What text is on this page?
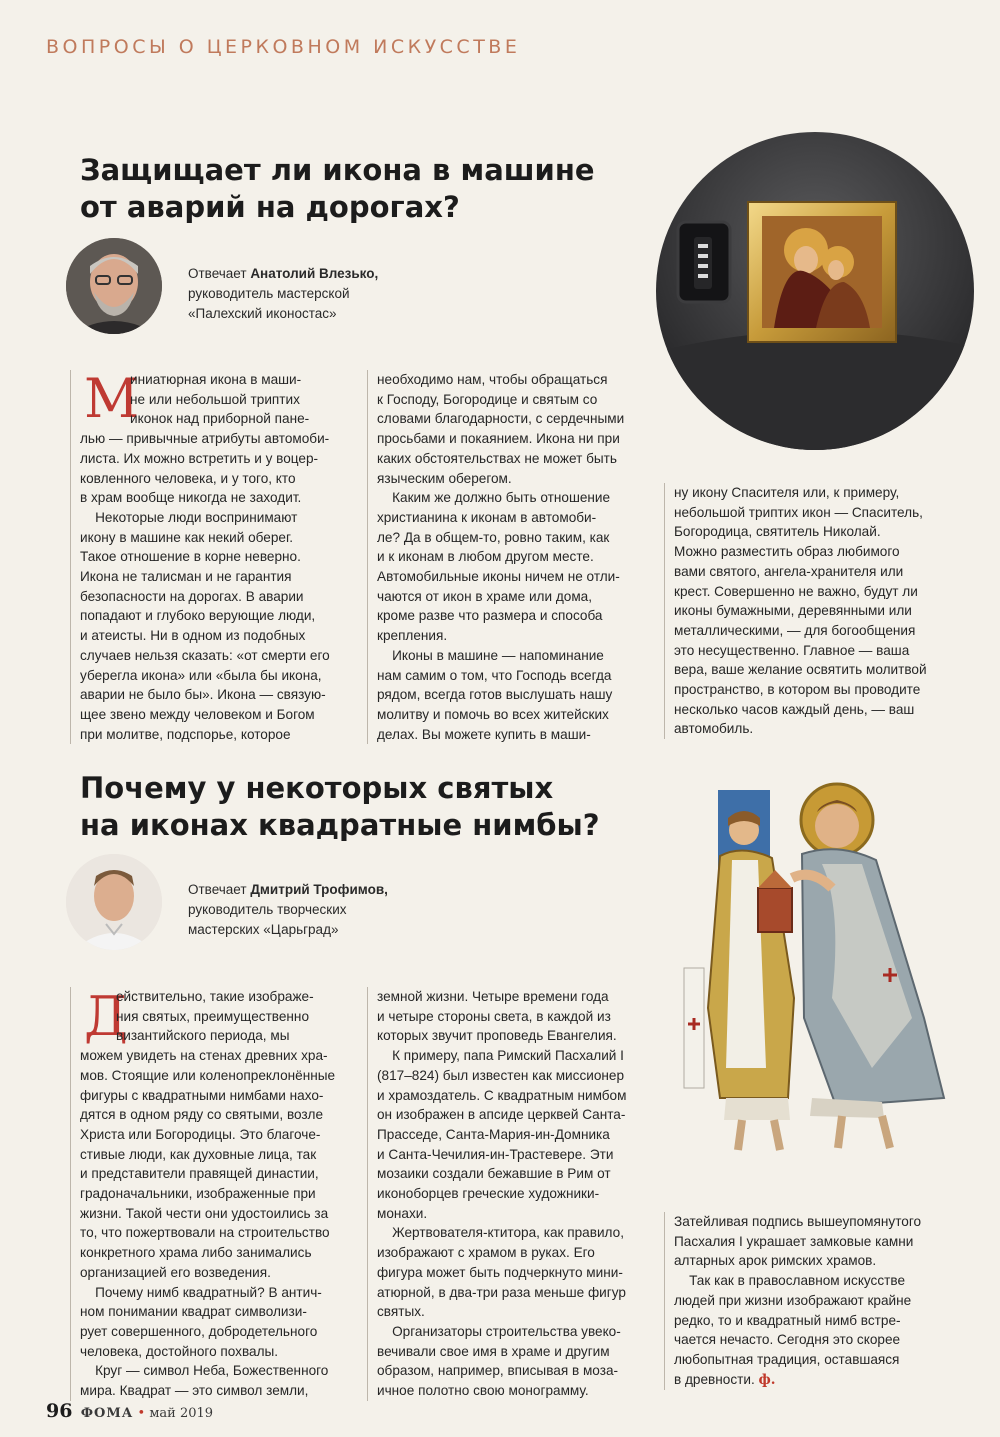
ВОПРОСЫ О ЦЕРКОВНОМ ИСКУССТВЕ
Защищает ли икона в машине
от аварий на дорогах?
Отвечает Анатолий Влезько,
руководитель мастерской
«Палехский иконостас»
М
иниатюрная икона в маши-
не или небольшой триптих
иконок над приборной пане-
лью — привычные атрибуты автомоби-
листа. Их можно встретить и у воцер-
ковленного человека, и у того, кто
в храм вообще никогда не заходит.
Некоторые люди воспринимают
икону в машине как некий оберег.
Такое отношение в корне неверно.
Икона не талисман и не гарантия
безопасности на дорогах. В аварии
попадают и глубоко верующие люди,
и атеисты. Ни в одном из подобных
случаев нельзя сказать: «от смерти его
уберегла икона» или «была бы икона,
аварии не было бы». Икона — связую-
щее звено между человеком и Богом
при молитве, подспорье, которое
необходимо нам, чтобы обращаться
к Господу, Богородице и святым со
словами благодарности, с сердечными
просьбами и покаянием. Икона ни при
каких обстоятельствах не может быть
языческим оберегом.
Каким же должно быть отношение
христианина к иконам в автомоби-
ле? Да в общем-то, ровно таким, как
и к иконам в любом другом месте.
Автомобильные иконы ничем не отли-
чаются от икон в храме или дома,
кроме разве что размера и способа
крепления.
Иконы в машине — напоминание
нам самим о том, что Господь всегда
рядом, всегда готов выслушать нашу
молитву и помочь во всех житейских
делах. Вы можете купить в маши-
ну икону Спасителя или, к примеру,
небольшой триптих икон — Спаситель,
Богородица, святитель Николай.
Можно разместить образ любимого
вами святого, ангела-хранителя или
крест. Совершенно не важно, будут ли
иконы бумажными, деревянными или
металлическими, — для богообщения
это несущественно. Главное — ваша
вера, ваше желание освятить молитвой
пространство, в котором вы проводите
несколько часов каждый день, — ваш
автомобиль.
Почему у некоторых святых
на иконах квадратные нимбы?
Отвечает Дмитрий Трофимов,
руководитель творческих
мастерских «Царьград»
Д
ействительно, такие изображе-
ния святых, преимущественно
византийского периода, мы
можем увидеть на стенах древних хра-
мов. Стоящие или коленопреклонённые
фигуры с квадратными нимбами нахо-
дятся в одном ряду со святыми, возле
Христа или Богородицы. Это благоче-
стивые люди, как духовные лица, так
и представители правящей династии,
градоначальники, изображенные при
жизни. Такой чести они удостоились за
то, что пожертвовали на строительство
конкретного храма либо занимались
организацией его возведения.
Почему нимб квадратный? В антич-
ном понимании квадрат символизи-
рует совершенного, добродетельного
человека, достойного похвалы.
Круг — символ Неба, Божественного
мира. Квадрат — это символ земли,
земной жизни. Четыре времени года
и четыре стороны света, в каждой из
которых звучит проповедь Евангелия.
К примеру, папа Римский Пасхалий I
(817–824) был известен как миссионер
и храмоздатель. С квадратным нимбом
он изображен в апсиде церквей Санта-
Прасседе, Санта-Мария-ин-Домника
и Санта-Чечилия-ин-Трастевере. Эти
мозаики создали бежавшие в Рим от
иконоборцев греческие художники-
монахи.
Жертвователя-ктитора, как правило,
изображают с храмом в руках. Его
фигура может быть подчеркнуто мини-
атюрной, в два-три раза меньше фигур
святых.
Организаторы строительства увеко-
вечивали свое имя в храме и другим
образом, например, вписывая в моза-
ичное полотно свою монограмму.
Затейливая подпись вышеупомянутого
Пасхалия I украшает замковые камни
алтарных арок римских храмов.
Так как в православном искусстве
людей при жизни изображают крайне
редко, то и квадратный нимб встре-
чается нечасто. Сегодня это скорее
любопытная традиция, оставшаяся
в древности. ф.
96 ФОМА • май 2019
